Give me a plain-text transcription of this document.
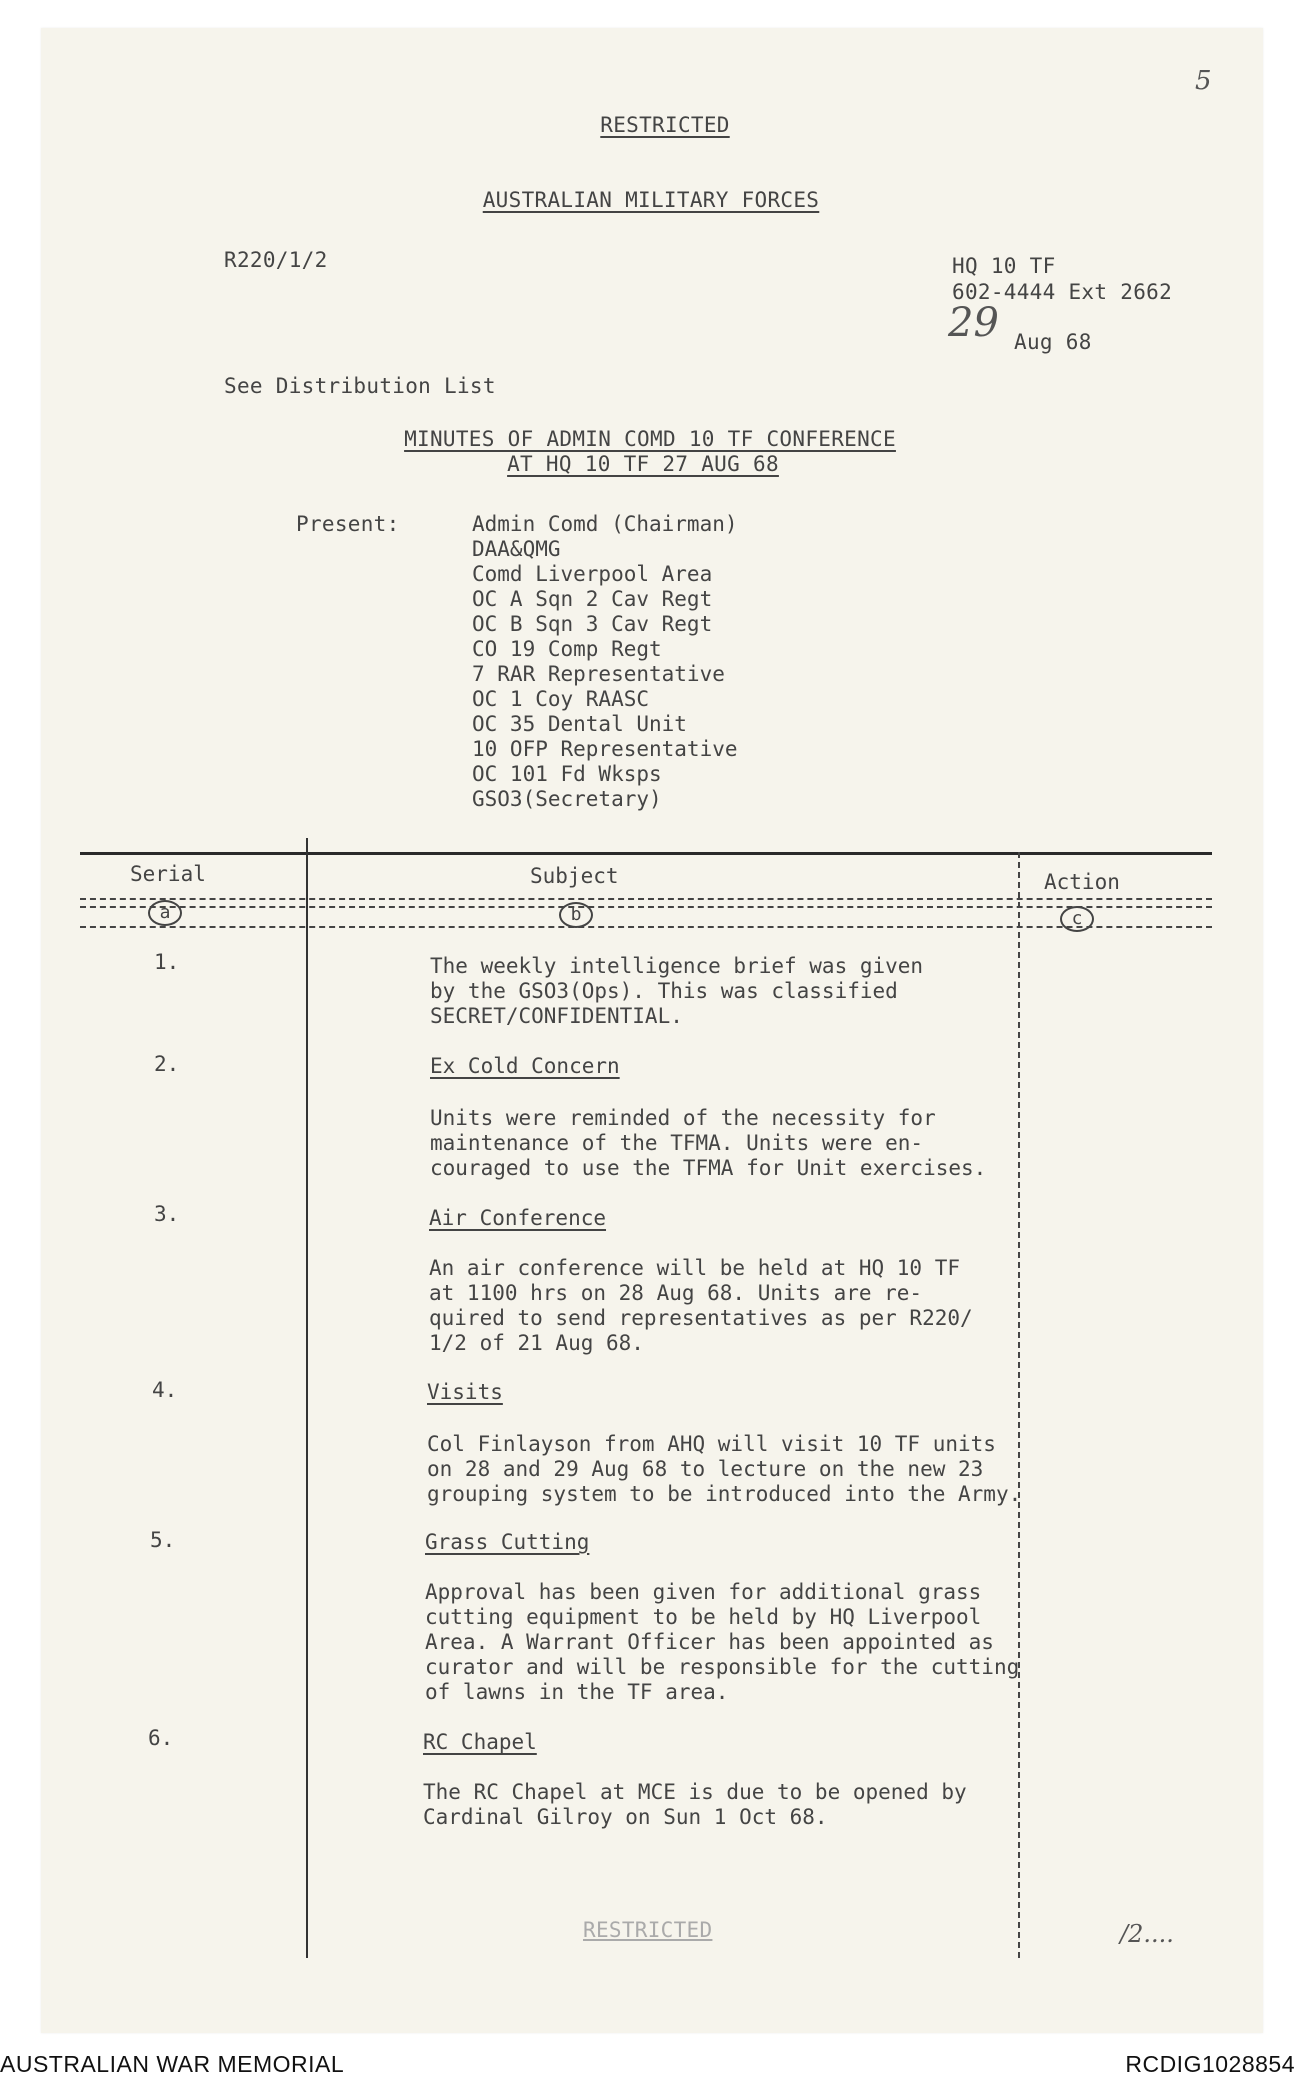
RESTRICTED
AUSTRALIAN MILITARY FORCES
R220/1/2	HQ 10 TF
602-4444 Ext 2662
29 Aug 68
5
See Distribution List
MINUTES OF ADMIN COMD 10 TF CONFERENCE
AT HQ 10 TF 27 AUG 68
Present:	Admin Comd (Chairman)
DAA&QMG
Comd Liverpool Area
OC A Sqn 2 Cav Regt
OC B Sqn 3 Cav Regt
CO 19 Comp Regt
7 RAR Representative
OC 1 Coy RAASC
OC 35 Dental Unit
10 OFP Representative
OC 101 Fd Wksps
GSO3(Secretary)
Serial	Subject	Action
a	b	c
1.	The weekly intelligence brief was given
by the GSO3(Ops). This was classified
SECRET/CONFIDENTIAL.
2.	Ex Cold Concern
Units were reminded of the necessity for
maintenance of the TFMA. Units were en-
couraged to use the TFMA for Unit exercises.
3.	Air Conference
An air conference will be held at HQ 10 TF
at 1100 hrs on 28 Aug 68. Units are re-
quired to send representatives as per R220/
1/2 of 21 Aug 68.
4.	Visits
Col Finlayson from AHQ will visit 10 TF units
on 28 and 29 Aug 68 to lecture on the new 23
grouping system to be introduced into the Army.
5.	Grass Cutting
Approval has been given for additional grass
cutting equipment to be held by HQ Liverpool
Area. A Warrant Officer has been appointed as
curator and will be responsible for the cutting
of lawns in the TF area.
6.	RC Chapel
The RC Chapel at MCE is due to be opened by
Cardinal Gilroy on Sun 1 Oct 68.
RESTRICTED	/2....
AUSTRALIAN WAR MEMORIAL	RCDIG1028854
